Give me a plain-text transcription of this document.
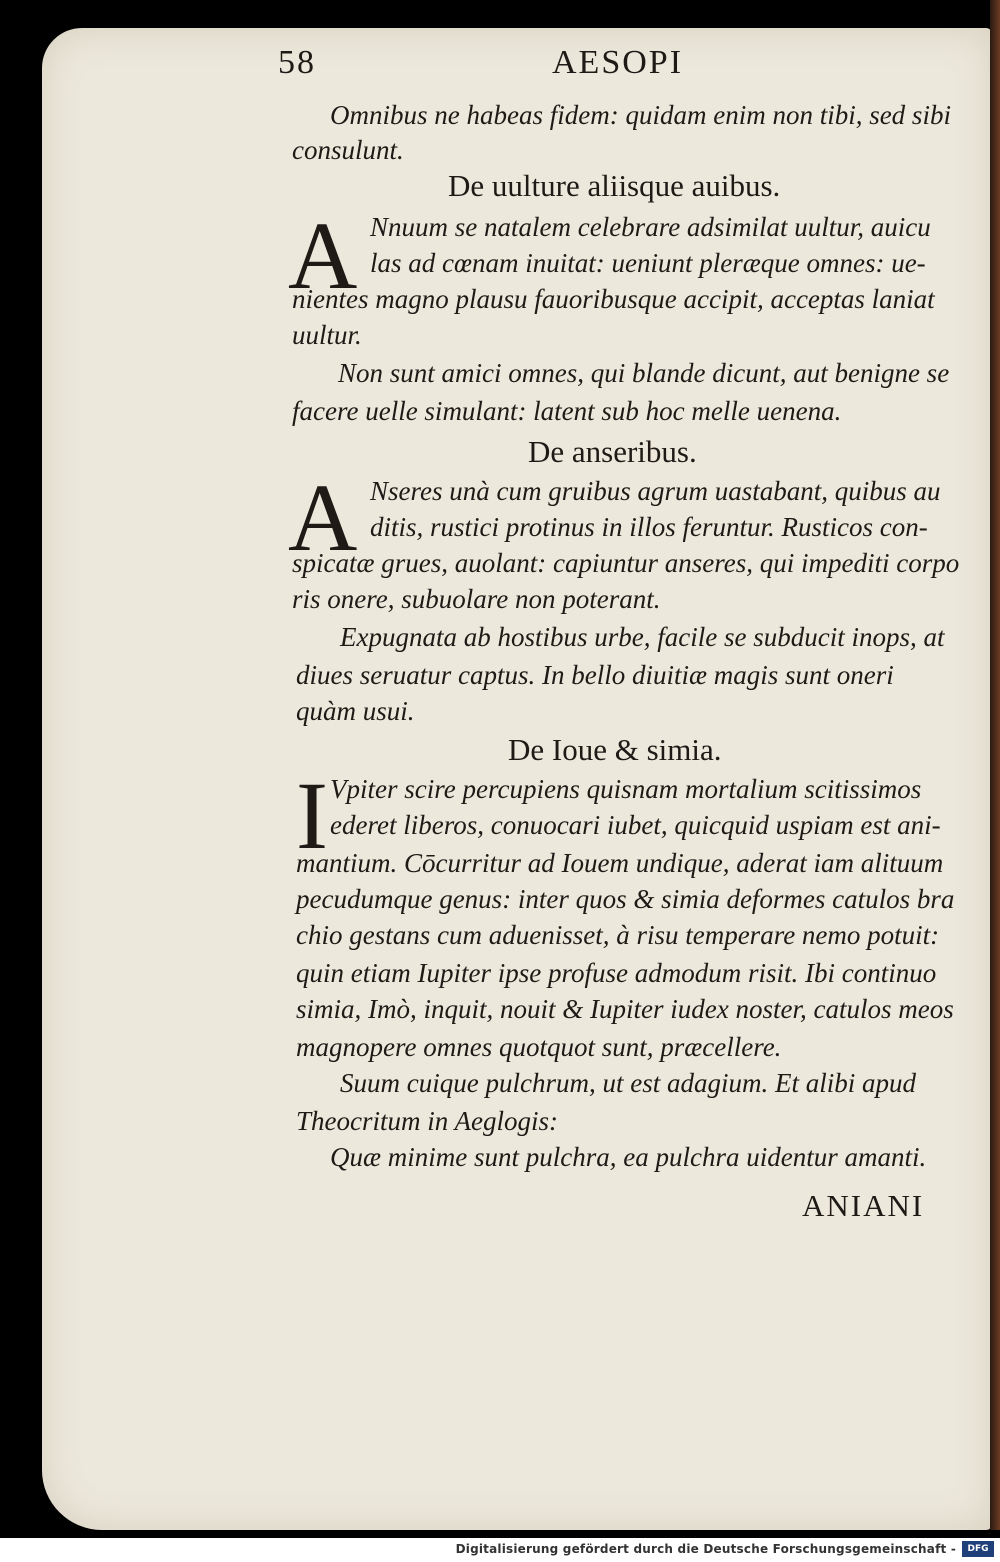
58	AESOPI
Omnibus ne habeas fidem: quidam enim non tibi, sed sibi
consulunt.
De uulture aliisque auibus.
A Nnuum se natalem celebrare adsimilat uultur, auicu
las ad cœnam inuitat: ueniunt pleræque omnes: ue-
nientes magno plausu fauoribusque accipit, acceptas laniat
uultur.
Non sunt amici omnes, qui blande dicunt, aut benigne se
facere uelle simulant: latent sub hoc melle uenena.
De anseribus.
A Nseres unà cum gruibus agrum uastabant, quibus au
ditis, rustici protinus in illos feruntur. Rusticos con-
spicatæ grues, auolant: capiuntur anseres, qui impediti corpo
ris onere, subuolare non poterant.
Expugnata ab hostibus urbe, facile se subducit inops, at
diues seruatur captus. In bello diuitiæ magis sunt oneri
quàm usui.
De Ioue & simia.
I Vpiter scire percupiens quisnam mortalium scitissimos
ederet liberos, conuocari iubet, quicquid uspiam est ani-
mantium. Cōcurritur ad Iouem undique, aderat iam alituum
pecudumque genus: inter quos & simia deformes catulos bra
chio gestans cum aduenisset, à risu temperare nemo potuit:
quin etiam Iupiter ipse profuse admodum risit. Ibi continuo
simia, Imò, inquit, nouit & Iupiter iudex noster, catulos meos
magnopere omnes quotquot sunt, præcellere.
Suum cuique pulchrum, ut est adagium. Et alibi apud
Theocritum in Aeglogis:
Quæ minime sunt pulchra, ea pulchra uidentur amanti.
ANIANI
Digitalisierung gefördert durch die Deutsche Forschungsgemeinschaft -	DFG
